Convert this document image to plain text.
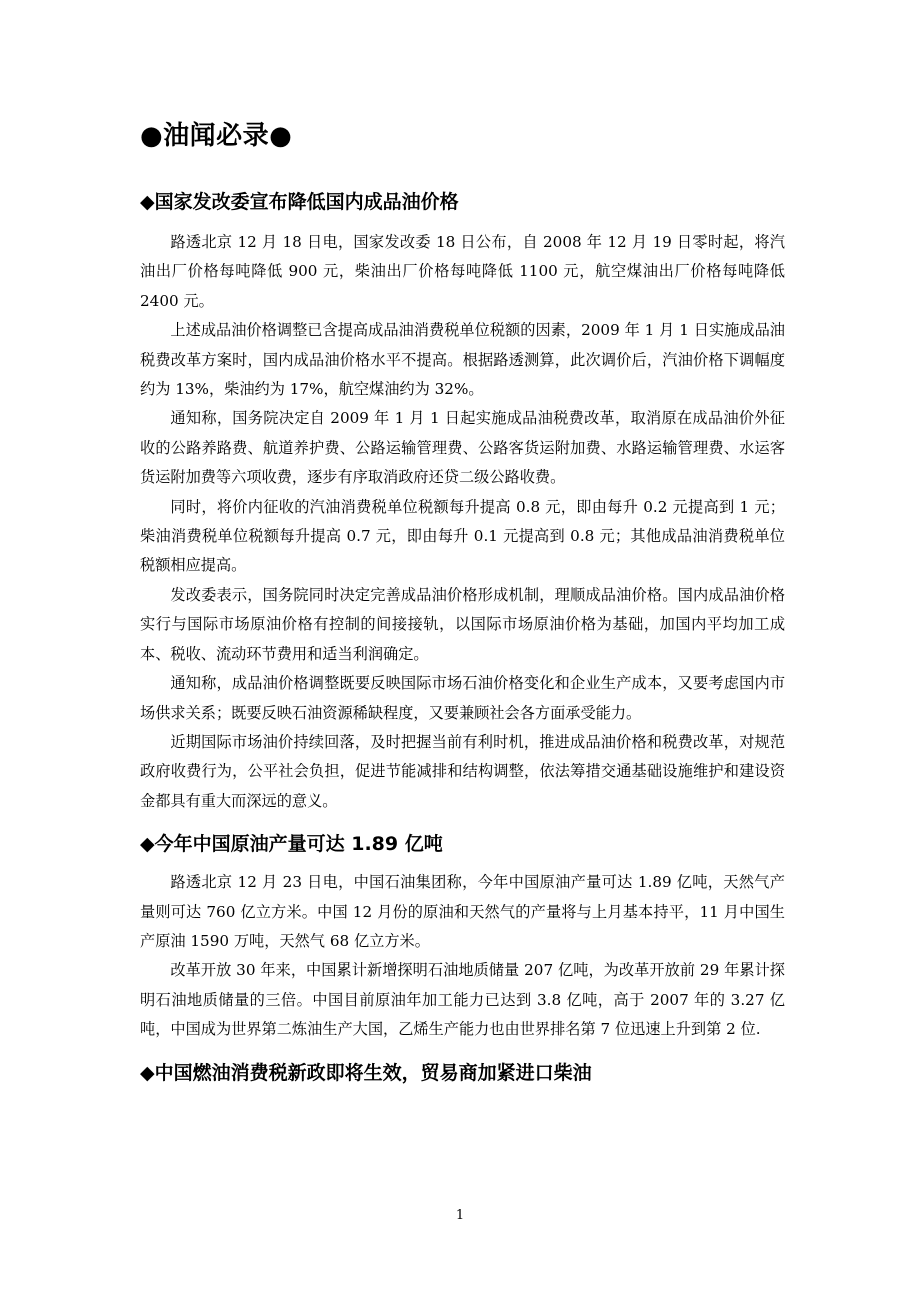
●油闻必录●
◆国家发改委宣布降低国内成品油价格

路透北京 12 月 18 日电，国家发改委 18 日公布，自 2008 年 12 月 19 日零时起，将汽油出厂价格每吨降低 900 元，柴油出厂价格每吨降低 1100 元，航空煤油出厂价格每吨降低 2400 元。

上述成品油价格调整已含提高成品油消费税单位税额的因素，2009 年 1 月 1 日实施成品油税费改革方案时，国内成品油价格水平不提高。根据路透测算，此次调价后，汽油价格下调幅度约为 13%，柴油约为 17%，航空煤油约为 32%。

通知称，国务院决定自 2009 年 1 月 1 日起实施成品油税费改革，取消原在成品油价外征收的公路养路费、航道养护费、公路运输管理费、公路客货运附加费、水路运输管理费、水运客货运附加费等六项收费，逐步有序取消政府还贷二级公路收费。

同时，将价内征收的汽油消费税单位税额每升提高 0.8 元，即由每升 0.2 元提高到 1 元；柴油消费税单位税额每升提高 0.7 元，即由每升 0.1 元提高到 0.8 元；其他成品油消费税单位税额相应提高。

发改委表示，国务院同时决定完善成品油价格形成机制，理顺成品油价格。国内成品油价格实行与国际市场原油价格有控制的间接接轨，以国际市场原油价格为基础，加国内平均加工成本、税收、流动环节费用和适当利润确定。

通知称，成品油价格调整既要反映国际市场石油价格变化和企业生产成本，又要考虑国内市场供求关系；既要反映石油资源稀缺程度，又要兼顾社会各方面承受能力。

近期国际市场油价持续回落，及时把握当前有利时机，推进成品油价格和税费改革，对规范政府收费行为，公平社会负担，促进节能减排和结构调整，依法筹措交通基础设施维护和建设资金都具有重大而深远的意义。

◆今年中国原油产量可达 1.89 亿吨

路透北京 12 月 23 日电，中国石油集团称，今年中国原油产量可达 1.89 亿吨，天然气产量则可达 760 亿立方米。中国 12 月份的原油和天然气的产量将与上月基本持平，11 月中国生产原油 1590 万吨，天然气 68 亿立方米。

改革开放 30 年来，中国累计新增探明石油地质储量 207 亿吨，为改革开放前 29 年累计探明石油地质储量的三倍。中国目前原油年加工能力已达到 3.8 亿吨，高于 2007 年的 3.27 亿吨，中国成为世界第二炼油生产大国，乙烯生产能力也由世界排名第 7 位迅速上升到第 2 位.

◆中国燃油消费税新政即将生效，贸易商加紧进口柴油
1
